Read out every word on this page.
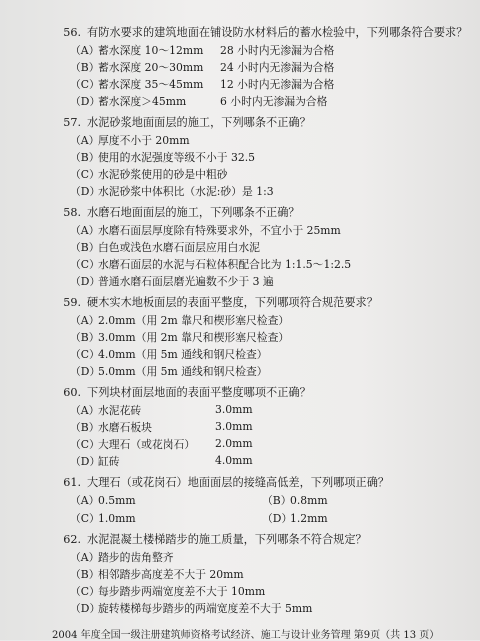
56. 有防水要求的建筑地面在铺设防水材料后的蓄水检验中，下列哪条符合要求？
（A）蓄水深度 10～12mm 28 小时内无渗漏为合格
（B）蓄水深度 20～30mm 24 小时内无渗漏为合格
（C）蓄水深度 35～45mm 12 小时内无渗漏为合格
（D）蓄水深度＞45mm	6 小时内无渗漏为合格
57. 水泥砂浆地面面层的施工，下列哪条不正确？
（A）厚度不小于 20mm
（B）使用的水泥强度等级不小于 32.5
（C）水泥砂浆使用的砂是中粗砂
（D）水泥砂浆中体积比（水泥:砂）是 1:3
58. 水磨石地面面层的施工，下列哪条不正确？
（A）水磨石面层厚度除有特殊要求外，不宜小于 25mm
（B）白色或浅色水磨石面层应用白水泥
（C）水磨石面层的水泥与石粒体积配合比为 1:1.5～1:2.5
（D）普通水磨石面层磨光遍数不少于 3 遍
59. 硬木实木地板面层的表面平整度，下列哪项符合规范要求？
（A）2.0mm（用 2m 靠尺和楔形塞尺检查）
（B）3.0mm（用 2m 靠尺和楔形塞尺检查）
（C）4.0mm（用 5m 通线和钢尺检查）
（D）5.0mm（用 5m 通线和钢尺检查）
60. 下列块材面层地面的表面平整度哪项不正确？
（A）水泥花砖	3.0mm
（B）水磨石板块	3.0mm
（C）大理石（或花岗石） 2.0mm
（D）缸砖	4.0mm
61. 大理石（或花岗石）地面面层的接缝高低差，下列哪项正确？
（A）0.5mm	（B）0.8mm
（C）1.0mm	（D）1.2mm
62. 水泥混凝土楼梯踏步的施工质量，下列哪条不符合规定？
（A）踏步的齿角整齐
（B）相邻踏步高度差不大于 20mm
（C）每步踏步两端宽度差不大于 10mm
（D）旋转楼梯每步踏步的两端宽度差不大于 5mm
2004 年度全国一级注册建筑师资格考试经济、施工与设计业务管理 第9页（共 13 页）
